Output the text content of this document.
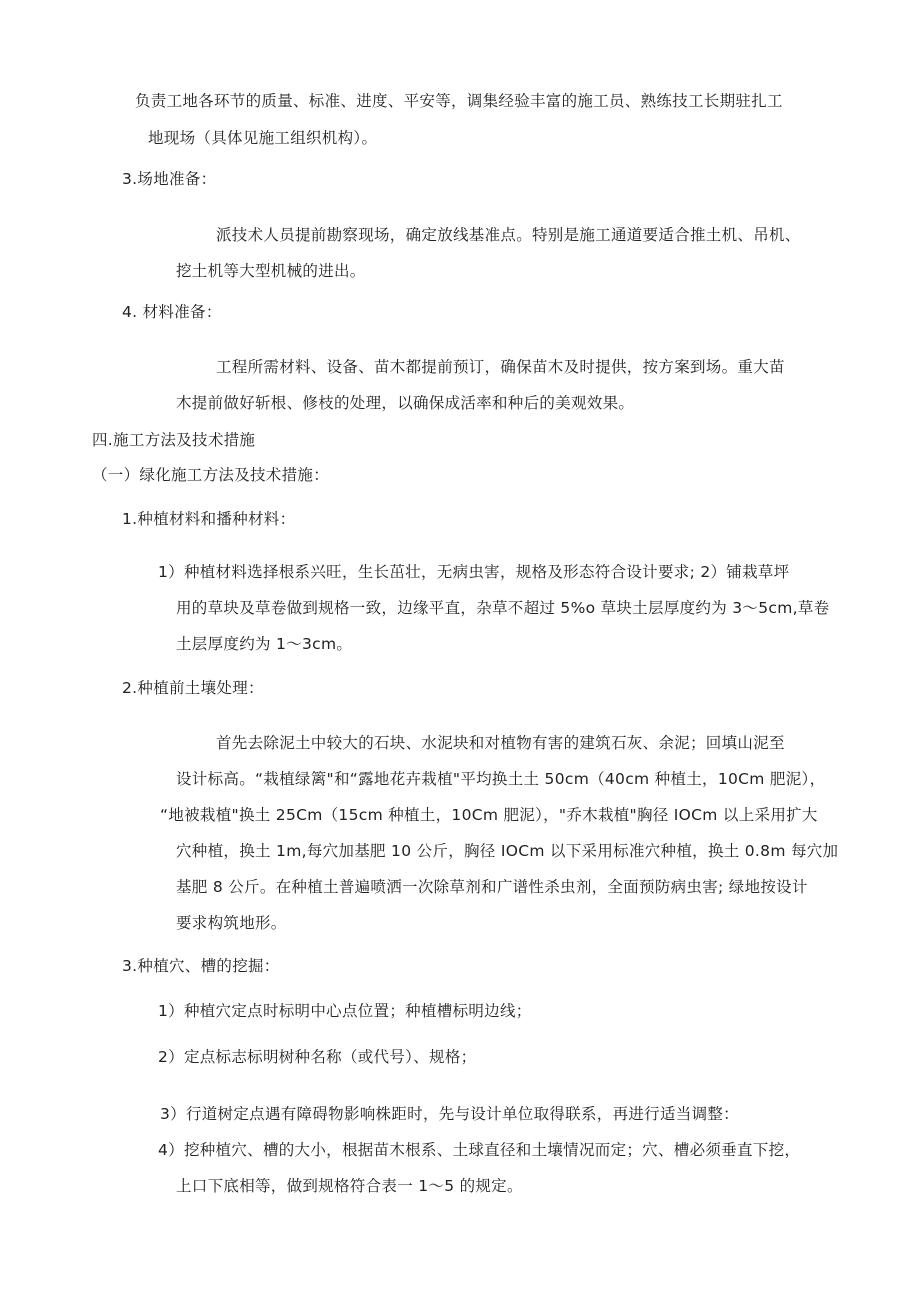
负责工地各环节的质量、标准、进度、平安等，调集经验丰富的施工员、熟练技工长期驻扎工
地现场（具体见施工组织机构）。
3.场地准备：
派技术人员提前勘察现场，确定放线基准点。特别是施工通道要适合推土机、吊机、
挖土机等大型机械的进出。
4. 材料准备：
工程所需材料、设备、苗木都提前预订，确保苗木及时提供，按方案到场。重大苗
木提前做好斩根、修枝的处理，以确保成活率和种后的美观效果。
四.施工方法及技术措施
（一）绿化施工方法及技术措施：
1.种植材料和播种材料：
1）种植材料选择根系兴旺，生长茁壮，无病虫害，规格及形态符合设计要求; 2）铺栽草坪
用的草块及草卷做到规格一致，边缘平直，杂草不超过 5%o 草块土层厚度约为 3～5cm,草卷
土层厚度约为 1～3cm。
2.种植前土壤处理：
首先去除泥土中较大的石块、水泥块和对植物有害的建筑石灰、余泥；回填山泥至
设计标高。“栽植绿篱"和“露地花卉栽植"平均换土土 50cm（40cm 种植土，10Cm 肥泥），
“地被栽植"换土 25Cm（15cm 种植土，10Cm 肥泥），"乔木栽植"胸径 IOCm 以上采用扩大
穴种植，换土 1m,每穴加基肥 10 公斤，胸径 IOCm 以下采用标准穴种植，换土 0.8m 每穴加
基肥 8 公斤。在种植土普遍喷洒一次除草剂和广谱性杀虫剂，全面预防病虫害; 绿地按设计
要求构筑地形。
3.种植穴、槽的挖掘：
1）种植穴定点时标明中心点位置；种植槽标明边线；
2）定点标志标明树种名称（或代号）、规格；
3）行道树定点遇有障碍物影响株距时，先与设计单位取得联系，再进行适当调整：
4）挖种植穴、槽的大小，根据苗木根系、土球直径和土壤情况而定；穴、槽必须垂直下挖，
上口下底相等，做到规格符合表一 1～5 的规定。
